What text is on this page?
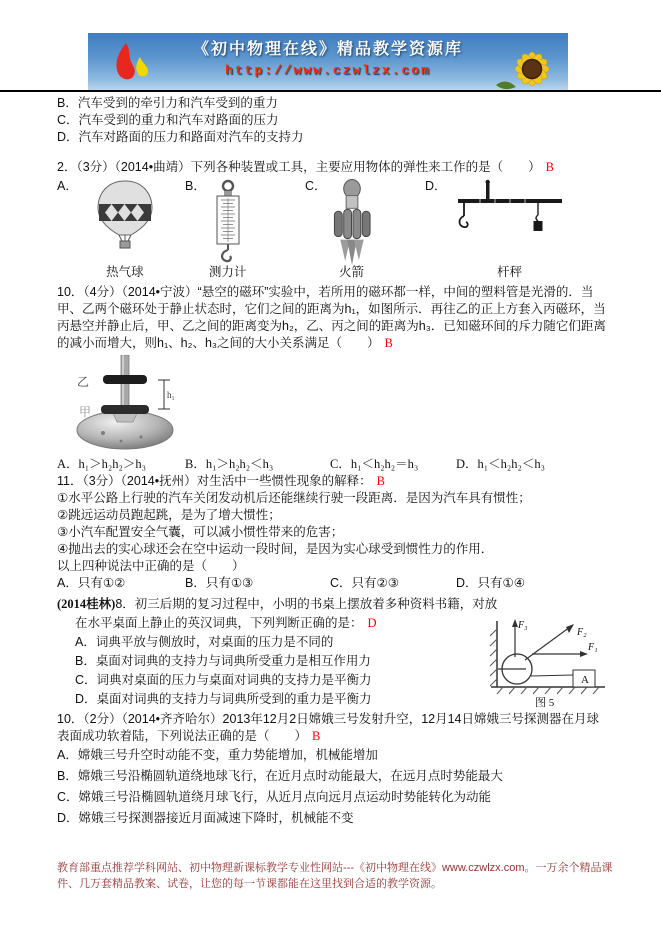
《初中物理在线》精品教学资源库
http://www.czwlzx.com
B．汽车受到的牵引力和汽车受到的重力
C．汽车受到的重力和汽车对路面的压力
D．汽车对路面的压力和路面对汽车的支持力
2．（3分）（2014•曲靖）下列各种装置或工具，主要应用物体的弹性来工作的是（　　） B
A．
热气球
B．
测力计
C．
火箭
D．
杆秤
10．（4分）（2014•宁波）“悬空的磁环”实验中，若所用的磁环都一样，中间的塑料管是光滑的．当甲、乙两个磁环处于静止状态时，它们之间的距离为h₁，如图所示．再往乙的正上方套入丙磁环，当丙悬空并静止后，甲、乙之间的距离变为h₂，乙、丙之间的距离为h₃．已知磁环间的斥力随它们距离的减小而增大，则h₁、h₂、h₃之间的大小关系满足（　　） B
乙
甲
h₁
A．h₁＞h₂h₂＞h₃	B．h₁＞h₂h₂＜h₃	C．h₁＜h₂h₂＝h₃	D．h₁＜h₂h₂＜h₃
11．（3分）（2014•抚州）对生活中一些惯性现象的解释： B
①水平公路上行驶的汽车关闭发动机后还能继续行驶一段距离．是因为汽车具有惯性；
②跳远运动员跑起跳，是为了增大惯性；
③小汽车配置安全气囊，可以减小惯性带来的危害；
④抛出去的实心球还会在空中运动一段时间，是因为实心球受到惯性力的作用．
以上四种说法中正确的是（　　）
A．只有①②	B．只有①③	C．只有②③	D．只有①④
(2014桂林)8．初三后期的复习过程中，小明的书桌上摆放着多种资料书籍，对放在水平桌面上静止的英汉词典，下列判断正确的是： D
A．词典平放与侧放时，对桌面的压力是不同的
B．桌面对词典的支持力与词典所受重力是相互作用力
C．词典对桌面的压力与桌面对词典的支持力是平衡力
D．桌面对词典的支持力与词典所受到的重力是平衡力
A
F₃
F₂
F₁
图 5
10．（2分）（2014•齐齐哈尔）2013年12月2日嫦娥三号发射升空，12月14日嫦娥三号探测器在月球表面成功软着陆，下列说法正确的是（　　） B
A．嫦娥三号升空时动能不变，重力势能增加，机械能增加
B．嫦娥三号沿椭圆轨道绕地球飞行，在近月点时动能最大，在远月点时势能最大
C．嫦娥三号沿椭圆轨道绕月球飞行，从近月点向远月点运动时势能转化为动能
D．嫦娥三号探测器接近月面减速下降时，机械能不变
教育部重点推荐学科网站、初中物理新课标教学专业性网站---《初中物理在线》www.czwlzx.com。一万余个精品课件、几万套精品教案、试卷，让您的每一节课都能在这里找到合适的教学资源。
